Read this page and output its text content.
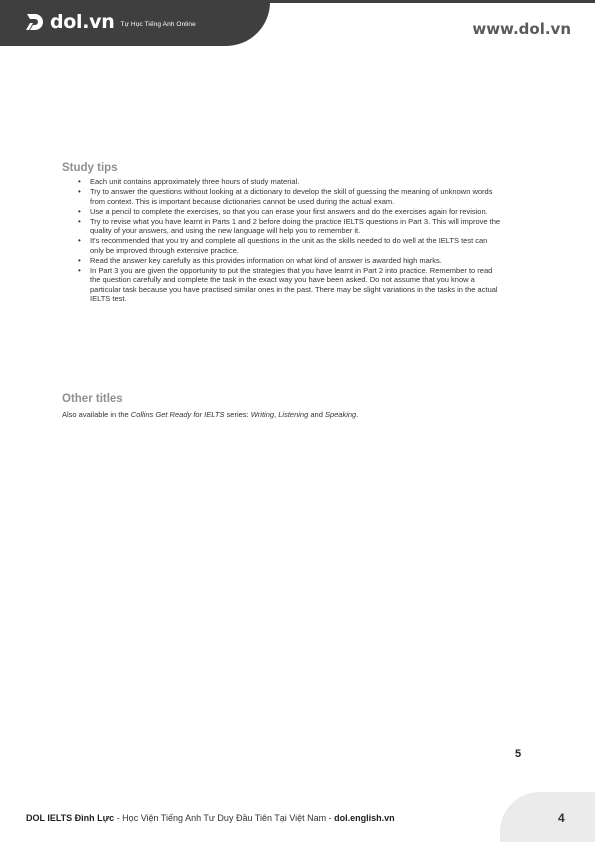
dol.vn Tự Học Tiếng Anh Online	www.dol.vn
Study tips
• Each unit contains approximately three hours of study material.
• Try to answer the questions without looking at a dictionary to develop the skill of guessing the meaning of unknown words from context. This is important because dictionaries cannot be used during the actual exam.
• Use a pencil to complete the exercises, so that you can erase your first answers and do the exercises again for revision.
• Try to revise what you have learnt in Parts 1 and 2 before doing the practice IELTS questions in Part 3. This will improve the quality of your answers, and using the new language will help you to remember it.
• It's recommended that you try and complete all questions in the unit as the skills needed to do well at the IELTS test can only be improved through extensive practice.
• Read the answer key carefully as this provides information on what kind of answer is awarded high marks.
• In Part 3 you are given the opportunity to put the strategies that you have learnt in Part 2 into practice. Remember to read the question carefully and complete the task in the exact way you have been asked. Do not assume that you know a particular task because you have practised similar ones in the past. There may be slight variations in the tasks in the actual IELTS test.
Other titles
Also available in the Collins Get Ready for IELTS series: Writing, Listening and Speaking.
5
DOL IELTS Đình Lực - Học Viện Tiếng Anh Tư Duy Đầu Tiên Tại Việt Nam - dol.english.vn	4
